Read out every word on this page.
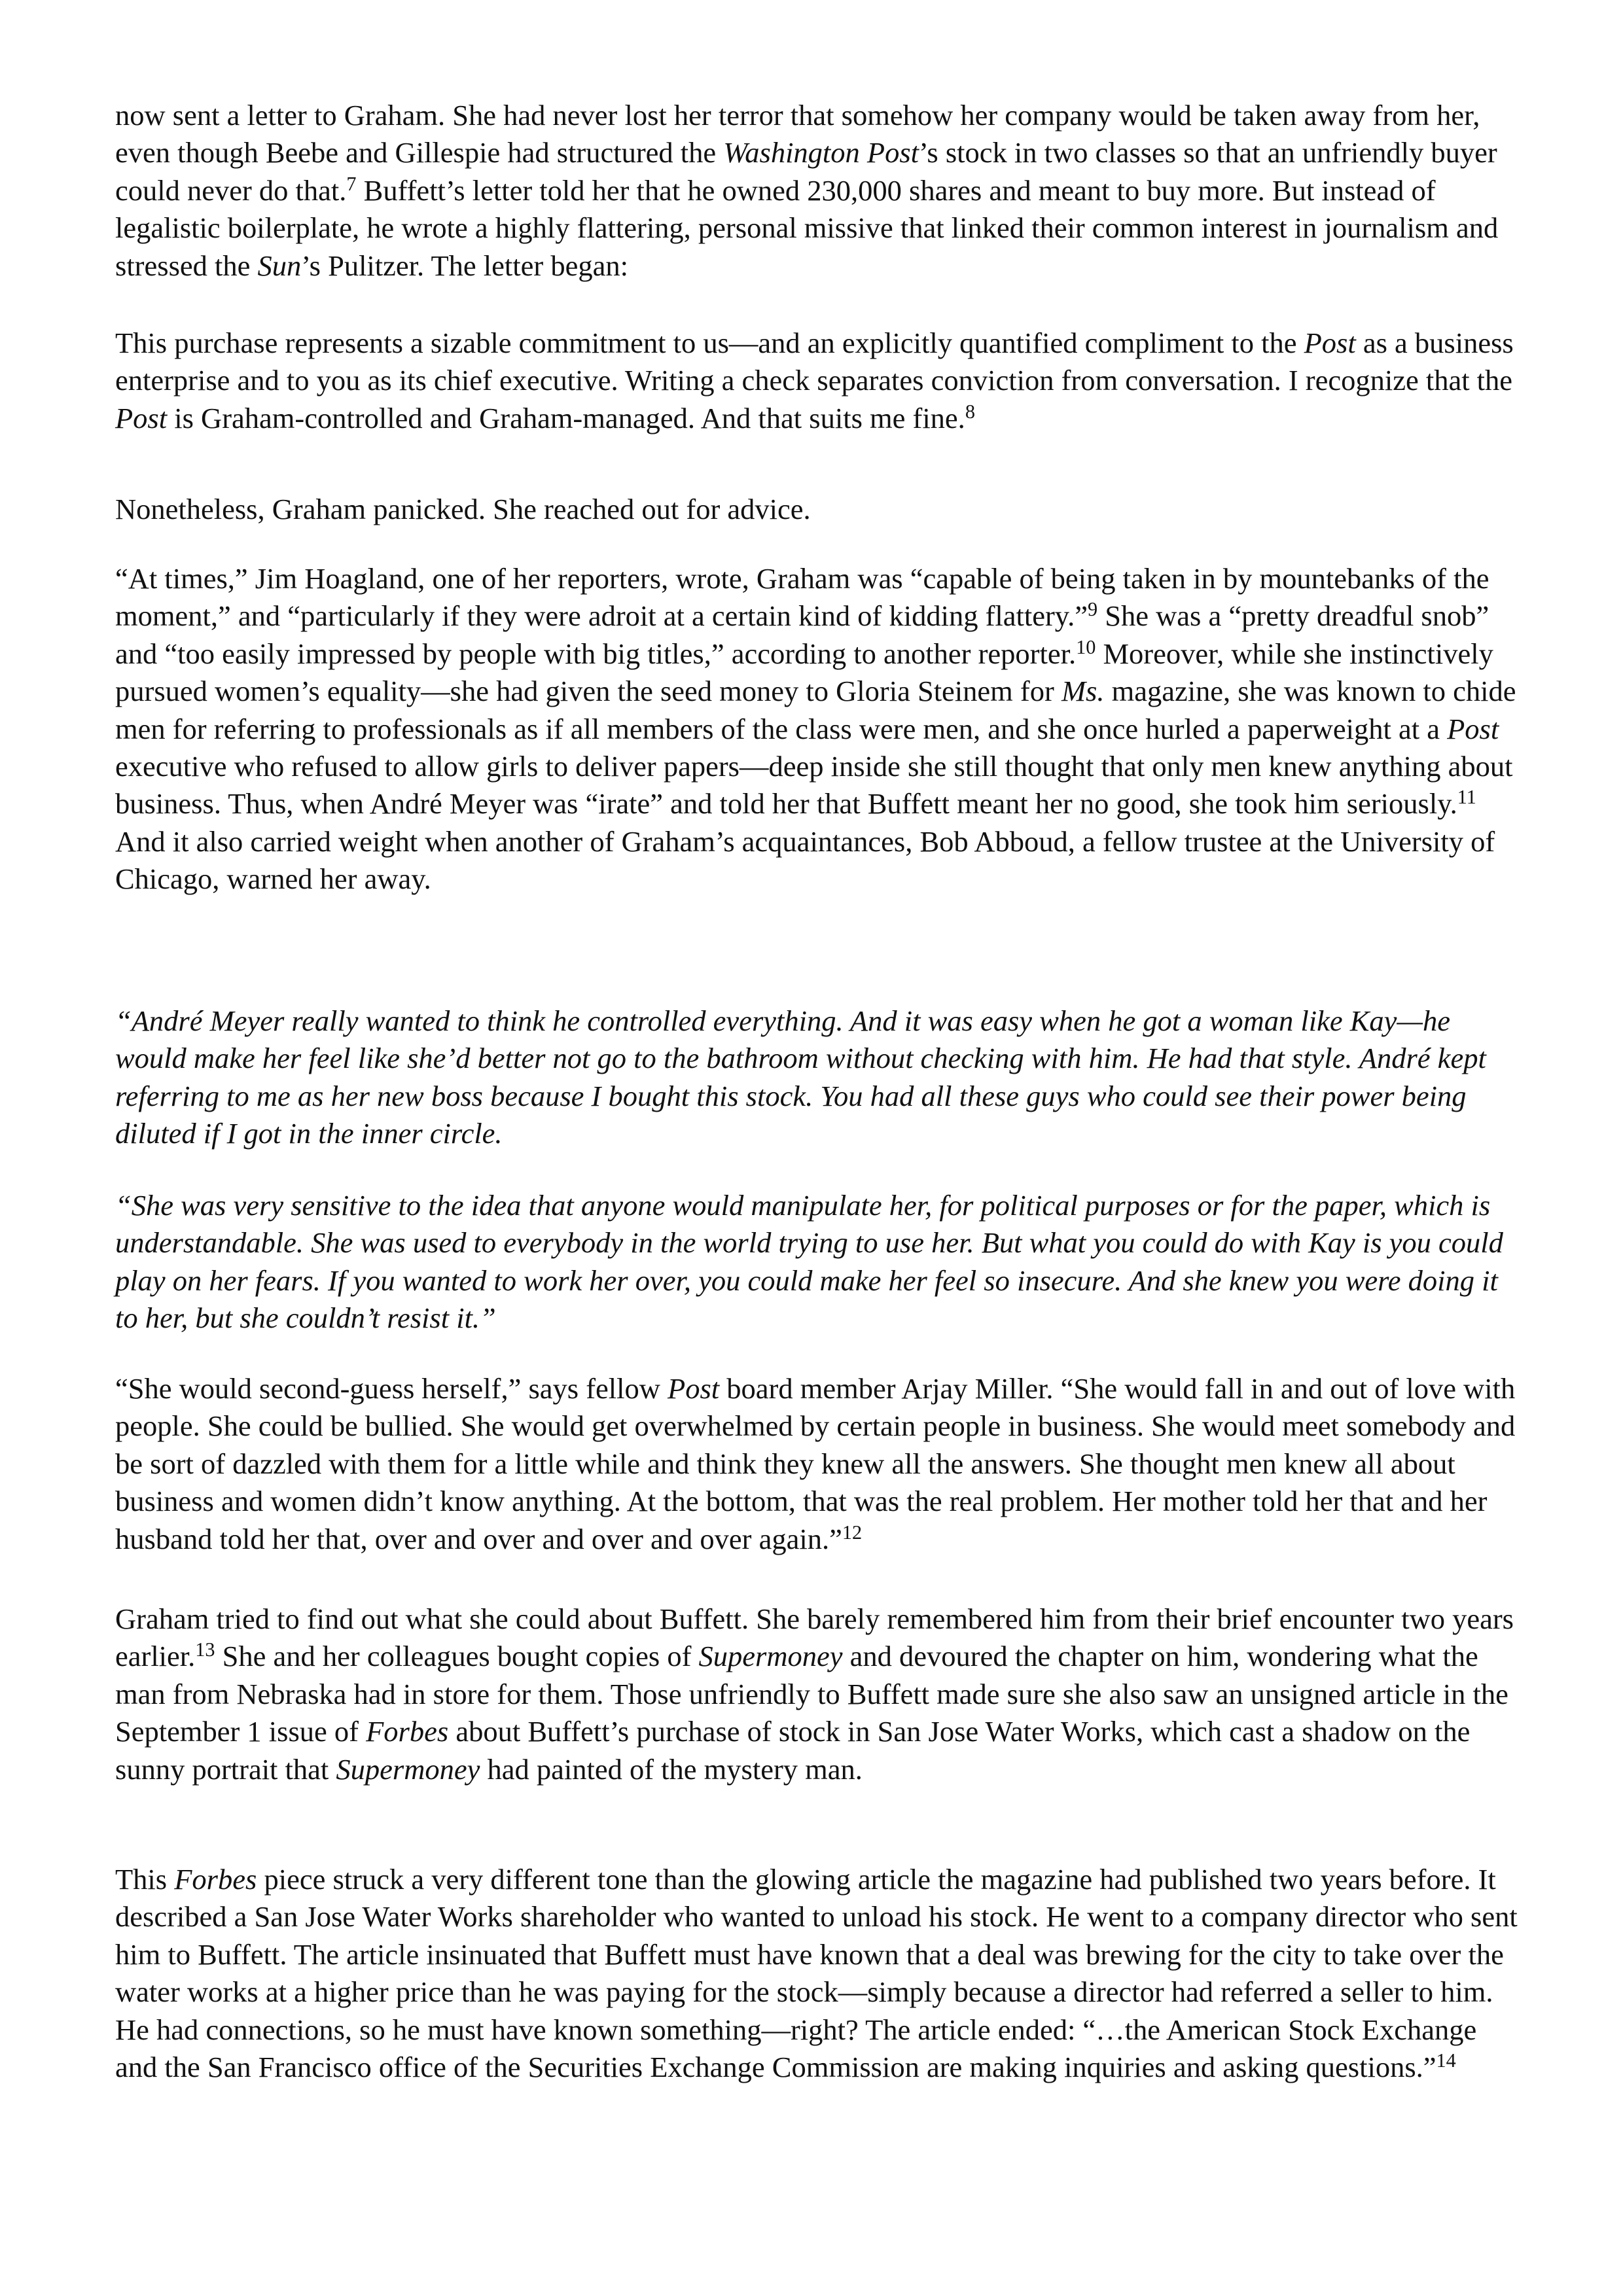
now sent a letter to Graham. She had never lost her terror that somehow her company would be taken away from her, even though Beebe and Gillespie had structured the Washington Post’s stock in two classes so that an unfriendly buyer could never do that.$^7$ Buffett’s letter told her that he owned 230,000 shares and meant to buy more. But instead of legalistic boilerplate, he wrote a highly flattering, personal missive that linked their common interest in journalism and stressed the Sun’s Pulitzer. The letter began:

This purchase represents a sizable commitment to us—and an explicitly quantified compliment to the Post as a business enterprise and to you as its chief executive. Writing a check separates conviction from conversation. I recognize that the Post is Graham-controlled and Graham-managed. And that suits me fine.$^8$

Nonetheless, Graham panicked. She reached out for advice.

“At times,” Jim Hoagland, one of her reporters, wrote, Graham was “capable of being taken in by mountebanks of the moment,” and “particularly if they were adroit at a certain kind of kidding flattery.”$^9$ She was a “pretty dreadful snob” and “too easily impressed by people with big titles,” according to another reporter.$^{10}$ Moreover, while she instinctively pursued women’s equality—she had given the seed money to Gloria Steinem for Ms. magazine, she was known to chide men for referring to professionals as if all members of the class were men, and she once hurled a paperweight at a Post executive who refused to allow girls to deliver papers—deep inside she still thought that only men knew anything about business. Thus, when André Meyer was “irate” and told her that Buffett meant her no good, she took him seriously.$^{11}$ And it also carried weight when another of Graham’s acquaintances, Bob Abboud, a fellow trustee at the University of Chicago, warned her away.

“André Meyer really wanted to think he controlled everything. And it was easy when he got a woman like Kay—he would make her feel like she’d better not go to the bathroom without checking with him. He had that style. André kept referring to me as her new boss because I bought this stock. You had all these guys who could see their power being diluted if I got in the inner circle.

“She was very sensitive to the idea that anyone would manipulate her, for political purposes or for the paper, which is understandable. She was used to everybody in the world trying to use her. But what you could do with Kay is you could play on her fears. If you wanted to work her over, you could make her feel so insecure. And she knew you were doing it to her, but she couldn’t resist it.”

“She would second-guess herself,” says fellow Post board member Arjay Miller. “She would fall in and out of love with people. She could be bullied. She would get overwhelmed by certain people in business. She would meet somebody and be sort of dazzled with them for a little while and think they knew all the answers. She thought men knew all about business and women didn’t know anything. At the bottom, that was the real problem. Her mother told her that and her husband told her that, over and over and over and over again.”$^{12}$

Graham tried to find out what she could about Buffett. She barely remembered him from their brief encounter two years earlier.$^{13}$ She and her colleagues bought copies of Supermoney and devoured the chapter on him, wondering what the man from Nebraska had in store for them. Those unfriendly to Buffett made sure she also saw an unsigned article in the September 1 issue of Forbes about Buffett’s purchase of stock in San Jose Water Works, which cast a shadow on the sunny portrait that Supermoney had painted of the mystery man.

This Forbes piece struck a very different tone than the glowing article the magazine had published two years before. It described a San Jose Water Works shareholder who wanted to unload his stock. He went to a company director who sent him to Buffett. The article insinuated that Buffett must have known that a deal was brewing for the city to take over the water works at a higher price than he was paying for the stock—simply because a director had referred a seller to him. He had connections, so he must have known something—right? The article ended: “…the American Stock Exchange and the San Francisco office of the Securities Exchange Commission are making inquiries and asking questions.”$^{14}$
